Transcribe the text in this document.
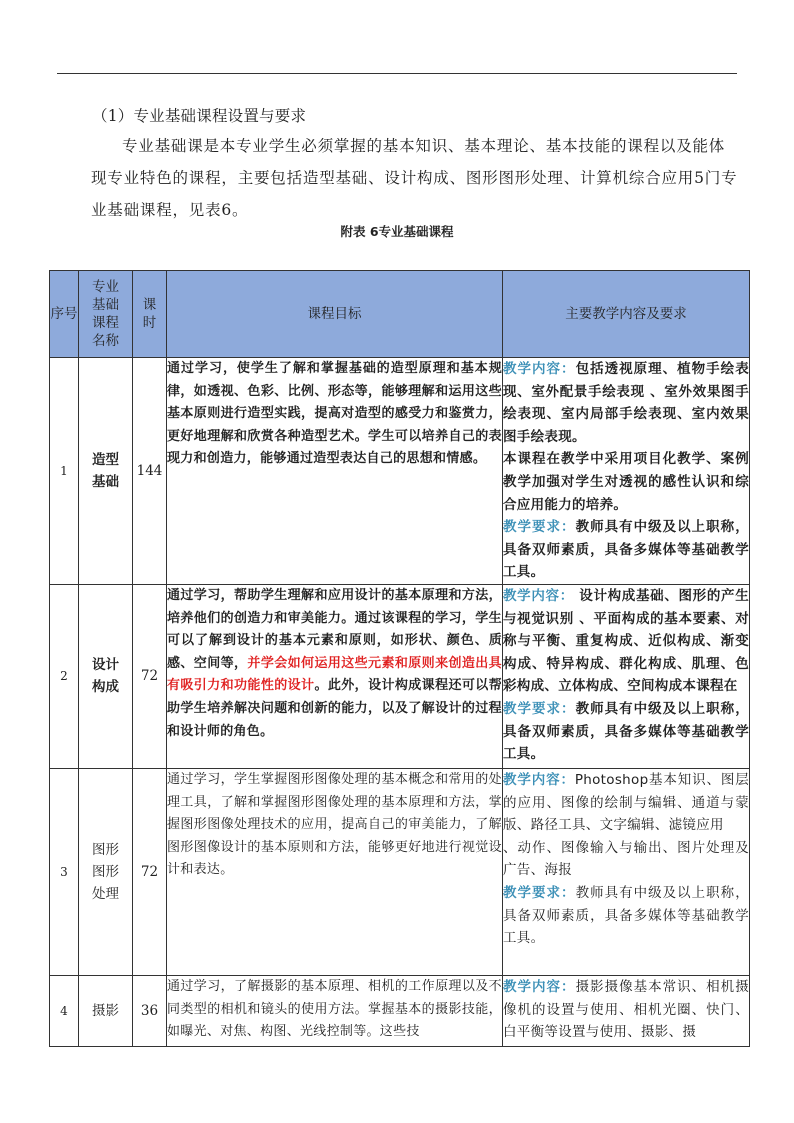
（1）专业基础课程设置与要求
专业基础课是本专业学生必须掌握的基本知识、基本理论、基本技能的课程以及能体现专业特色的课程，主要包括造型基础、设计构成、图形图形处理、计算机综合应用5门专业基础课程，见表6。
附表 6专业基础课程
序号	专业基础课程名称	课时	课程目标	主要教学内容及要求
1	造型基础	144	通过学习，使学生了解和掌握基础的造型原理和基本规律，如透视、色彩、比例、形态等，能够理解和运用这些基本原则进行造型实践，提高对造型的感受力和鉴赏力，更好地理解和欣赏各种造型艺术。学生可以培养自己的表现力和创造力，能够通过造型表达自己的思想和情感。	教学内容：包括透视原理、植物手绘表现、室外配景手绘表现 、室外效果图手绘表现、室内局部手绘表现、室内效果图手绘表现。
本课程在教学中采用项目化教学、案例教学加强对学生对透视的感性认识和综合应用能力的培养。
教学要求：教师具有中级及以上职称，具备双师素质，具备多媒体等基础教学工具。
2	设计构成	72	通过学习，帮助学生理解和应用设计的基本原理和方法，培养他们的创造力和审美能力。通过该课程的学习，学生可以了解到设计的基本元素和原则，如形状、颜色、质感、空间等，并学会如何运用这些元素和原则来创造出具有吸引力和功能性的设计。此外，设计构成课程还可以帮助学生培养解决问题和创新的能力，以及了解设计的过程和设计师的角色。	教学内容： 设计构成基础、图形的产生与视觉识别 、平面构成的基本要素、对称与平衡、重复构成、近似构成、渐变构成、特异构成、群化构成、肌理、色彩构成、立体构成、空间构成本课程在
教学要求：教师具有中级及以上职称，具备双师素质，具备多媒体等基础教学工具。

3	图形图形处理	72	通过学习，学生掌握图形图像处理的基本概念和常用的处理工具，了解和掌握图形图像处理的基本原理和方法，掌握图形图像处理技术的应用，提高自己的审美能力，了解图形图像设计的基本原则和方法，能够更好地进行视觉设计和表达。	教学内容：Photoshop基本知识、图层的应用、图像的绘制与编辑、通道与蒙版、路径工具、文字编辑、滤镜应用
、动作、图像输入与输出、图片处理及广告、海报
教学要求：教师具有中级及以上职称，具备双师素质，具备多媒体等基础教学工具。
4	摄影	36	通过学习，了解摄影的基本原理、相机的工作原理以及不同类型的相机和镜头的使用方法。掌握基本的摄影技能，如曝光、对焦、构图、光线控制等。这些技	教学内容：摄影摄像基本常识、相机摄像机的设置与使用、相机光圈、快门、白平衡等设置与使用、摄影、摄
